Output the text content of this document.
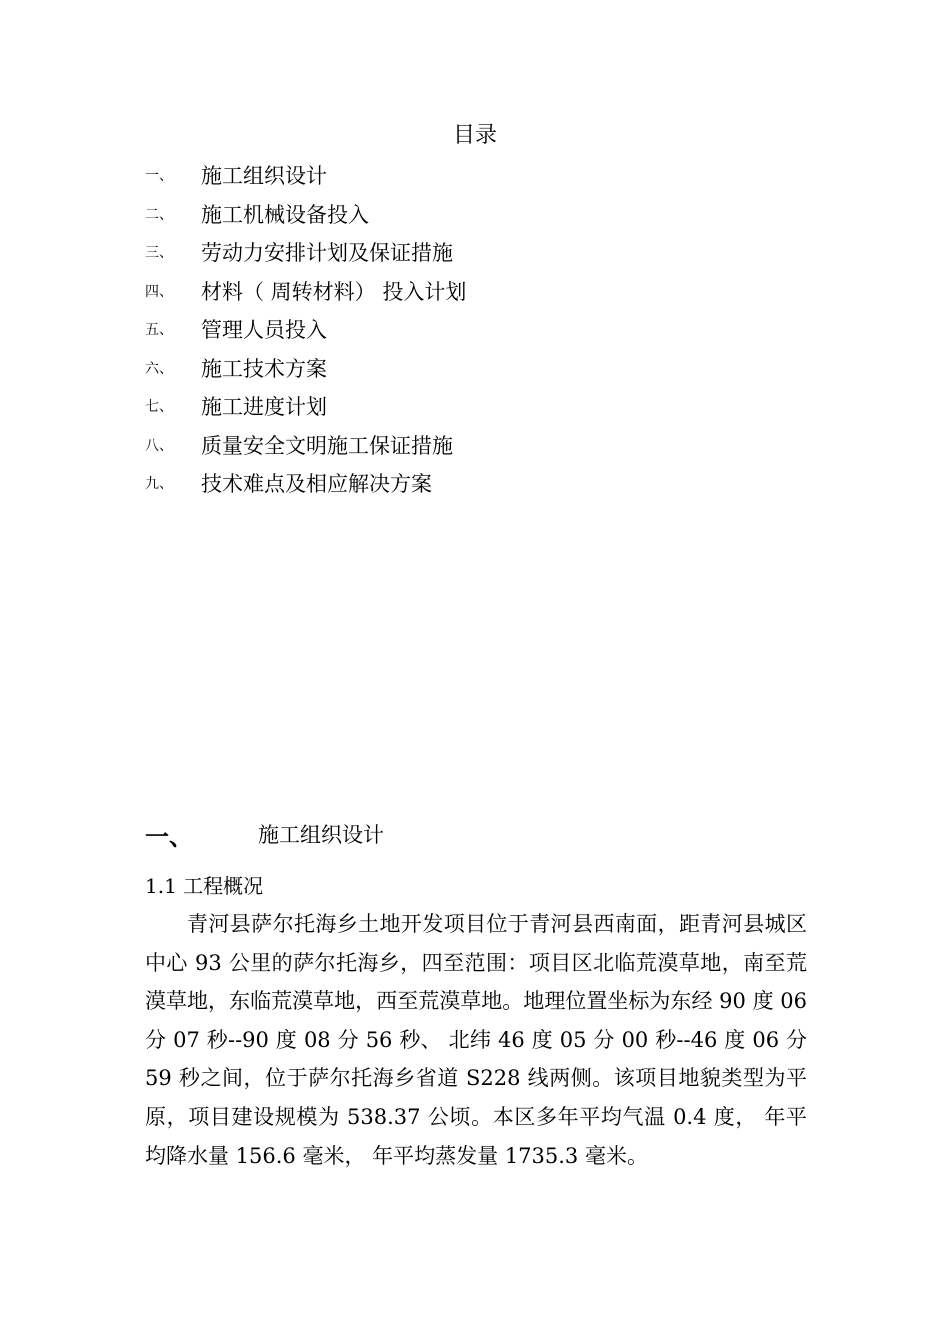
目录
一、	施工组织设计
二、	施工机械设备投入
三、	劳动力安排计划及保证措施
四、	材料（ 周转材料） 投入计划
五、	管理人员投入
六、	施工技术方案
七、	施工进度计划
八、	质量安全文明施工保证措施
九、	技术难点及相应解决方案
一、	施工组织设计
1.1 工程概况

青河县萨尔托海乡土地开发项目位于青河县西南面，距青河县城区中心 93 公里的萨尔托海乡，四至范围：项目区北临荒漠草地，南至荒漠草地，东临荒漠草地，西至荒漠草地。地理位置坐标为东经 90 度 06 分 07 秒--90 度 08 分 56 秒、 北纬 46 度 05 分 00 秒--46 度 06 分 59 秒之间，位于萨尔托海乡省道 S228 线两侧。该项目地貌类型为平原，项目建设规模为 538.37 公顷。本区多年平均气温 0.4 度， 年平均降水量 156.6 毫米， 年平均蒸发量 1735.3 毫米。
